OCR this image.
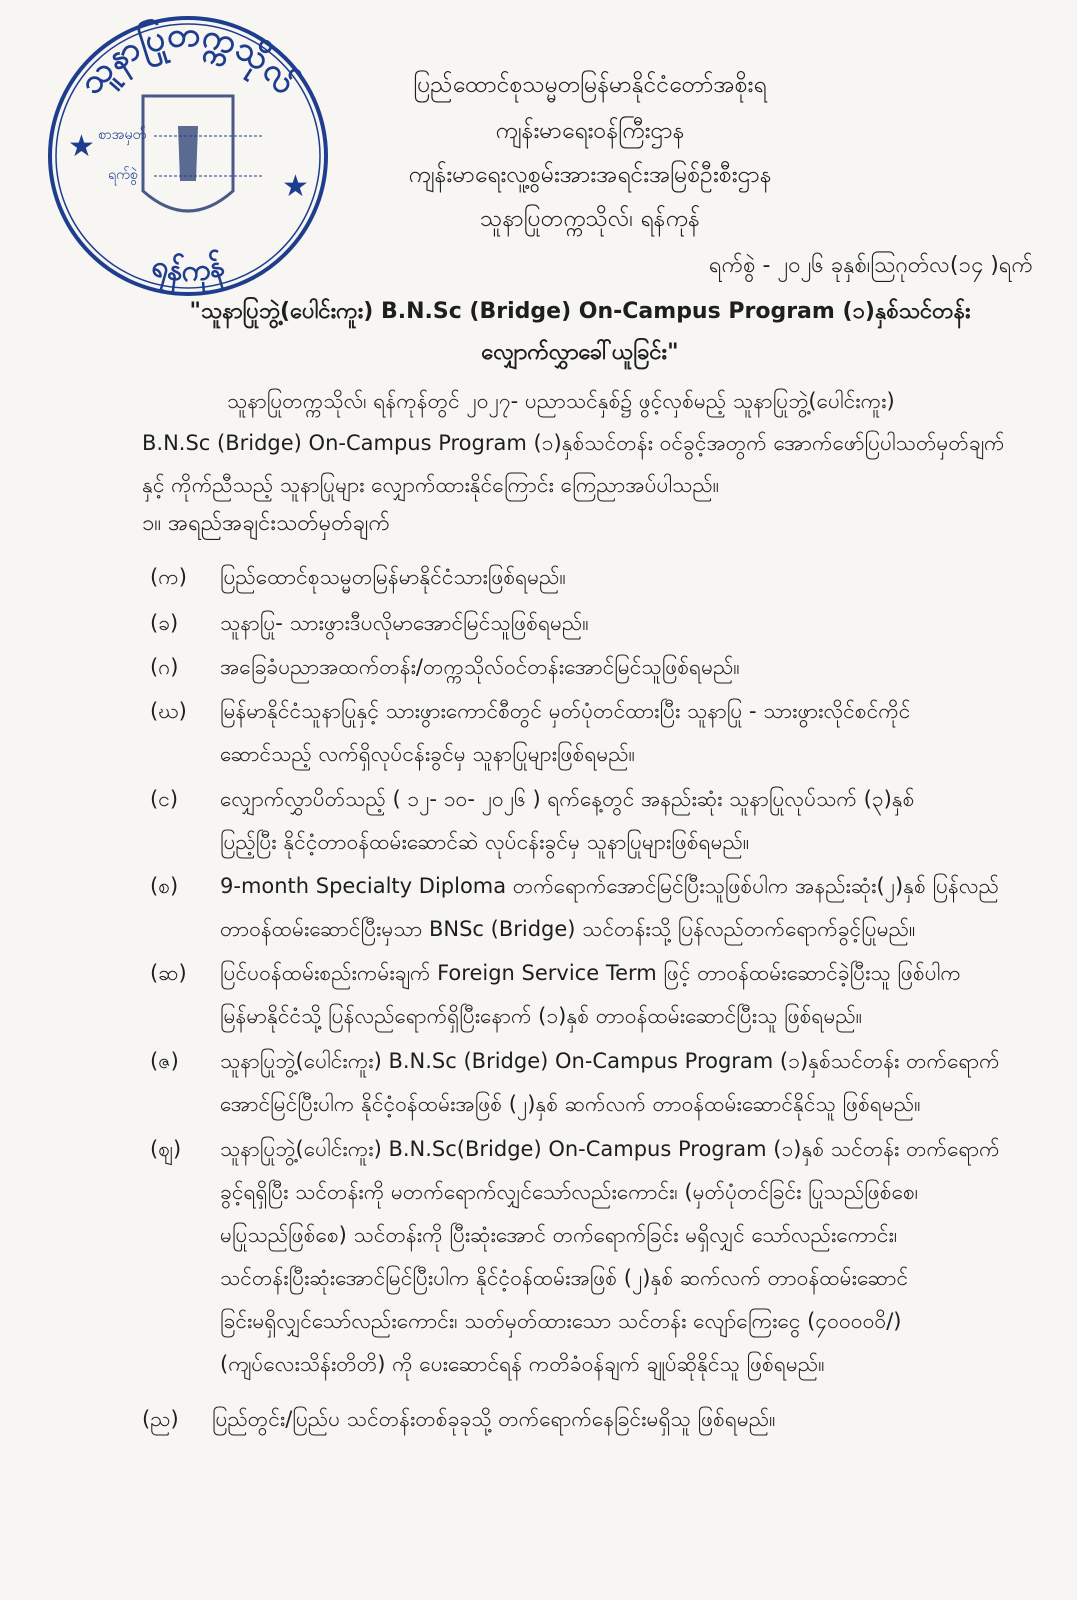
သူနာပြုတက္ကသိုလ်
ရန်ကုန်
★
★
စာအမှတ်
ရက်စွဲ
ပြည်ထောင်စုသမ္မတမြန်မာနိုင်ငံတော်အစိုးရ
ကျန်းမာရေးဝန်ကြီးဌာန
ကျန်းမာရေးလူ့စွမ်းအားအရင်းအမြစ်ဦးစီးဌာန
သူနာပြုတက္ကသိုလ်၊ ရန်ကုန်
ရက်စွဲ - ၂၀၂၆ ခုနှစ်၊ဩဂုတ်လ(၁၄ )ရက်
"သူနာပြုဘွဲ့(ပေါင်းကူး) B.N.Sc (Bridge) On-Campus Program (၁)နှစ်သင်တန်း
လျှောက်လွှာခေါ်ယူခြင်း"
သူနာပြုတက္ကသိုလ်၊ ရန်ကုန်တွင် ၂၀၂၇- ပညာသင်နှစ်၌ ဖွင့်လှစ်မည့် သူနာပြုဘွဲ့(ပေါင်းကူး)
B.N.Sc (Bridge) On-Campus Program (၁)နှစ်သင်တန်း ဝင်ခွင့်အတွက် အောက်ဖော်ပြပါသတ်မှတ်ချက်
နှင့် ကိုက်ညီသည့် သူနာပြုများ လျှောက်ထားနိုင်ကြောင်း ကြေညာအပ်ပါသည်။
၁။ အရည်အချင်းသတ်မှတ်ချက်
(က)	ပြည်ထောင်စုသမ္မတမြန်မာနိုင်ငံသားဖြစ်ရမည်။
(ခ)	သူနာပြု- သားဖွားဒီပလိုမာအောင်မြင်သူဖြစ်ရမည်။
(ဂ)	အခြေခံပညာအထက်တန်း/တက္ကသိုလ်ဝင်တန်းအောင်မြင်သူဖြစ်ရမည်။
(ဃ)	မြန်မာနိုင်ငံသူနာပြုနှင့် သားဖွားကောင်စီတွင် မှတ်ပုံတင်ထားပြီး သူနာပြု - သားဖွားလိုင်စင်ကိုင်
ဆောင်သည့် လက်ရှိလုပ်ငန်းခွင်မှ သူနာပြုများဖြစ်ရမည်။
(င)	လျှောက်လွှာပိတ်သည့် ( ၁၂- ၁၀- ၂၀၂၆ ) ရက်နေ့တွင် အနည်းဆုံး သူနာပြုလုပ်သက် (၃)နှစ်
ပြည့်ပြီး နိုင်ငံ့တာဝန်ထမ်းဆောင်ဆဲ လုပ်ငန်းခွင်မှ သူနာပြုများဖြစ်ရမည်။
(စ)	9-month Specialty Diploma တက်ရောက်အောင်မြင်ပြီးသူဖြစ်ပါက အနည်းဆုံး(၂)နှစ် ပြန်လည်
တာဝန်ထမ်းဆောင်ပြီးမှသာ BNSc (Bridge) သင်တန်းသို့ ပြန်လည်တက်ရောက်ခွင့်ပြုမည်။
(ဆ)	ပြင်ပဝန်ထမ်းစည်းကမ်းချက် Foreign Service Term ဖြင့် တာဝန်ထမ်းဆောင်ခဲ့ပြီးသူ ဖြစ်ပါက
မြန်မာနိုင်ငံသို့ ပြန်လည်ရောက်ရှိပြီးနောက် (၁)နှစ် တာဝန်ထမ်းဆောင်ပြီးသူ ဖြစ်ရမည်။
(ဇ)	သူနာပြုဘွဲ့(ပေါင်းကူး) B.N.Sc (Bridge) On-Campus Program (၁)နှစ်သင်တန်း တက်ရောက်
အောင်မြင်ပြီးပါက နိုင်ငံ့ဝန်ထမ်းအဖြစ် (၂)နှစ် ဆက်လက် တာဝန်ထမ်းဆောင်နိုင်သူ ဖြစ်ရမည်။
(ဈ)	သူနာပြုဘွဲ့(ပေါင်းကူး) B.N.Sc(Bridge) On-Campus Program (၁)နှစ် သင်တန်း တက်ရောက်
ခွင့်ရရှိပြီး သင်တန်းကို မတက်ရောက်လျှင်သော်လည်းကောင်း၊ (မှတ်ပုံတင်ခြင်း ပြုသည်ဖြစ်စေ၊
မပြုသည်ဖြစ်စေ) သင်တန်းကို ပြီးဆုံးအောင် တက်ရောက်ခြင်း မရှိလျှင် သော်လည်းကောင်း၊
သင်တန်းပြီးဆုံးအောင်မြင်ပြီးပါက နိုင်ငံ့ဝန်ထမ်းအဖြစ် (၂)နှစ် ဆက်လက် တာဝန်ထမ်းဆောင်
ခြင်းမရှိလျှင်သော်လည်းကောင်း၊ သတ်မှတ်ထားသော သင်တန်း လျော်ကြေးငွေ (၄၀၀၀၀ဝိ/)
(ကျပ်လေးသိန်းတိတိ) ကို ပေးဆောင်ရန် ကတိခံဝန်ချက် ချုပ်ဆိုနိုင်သူ ဖြစ်ရမည်။
(ည)	ပြည်တွင်း/ပြည်ပ သင်တန်းတစ်ခုခုသို့ တက်ရောက်နေခြင်းမရှိသူ ဖြစ်ရမည်။
